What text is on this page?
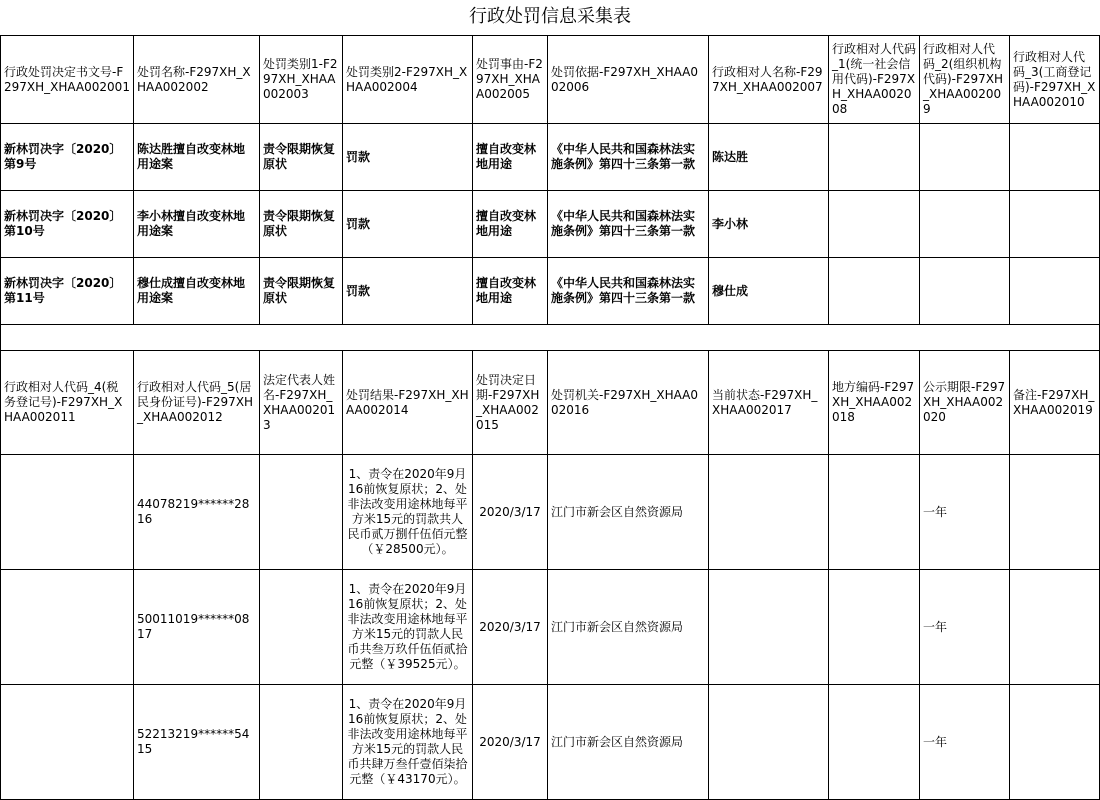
行政处罚信息采集表
行政处罚决定书文号-F297XH_XHAA002001	处罚名称-F297XH_XHAA002002	处罚类别1-F297XH_XHAA002003	处罚类别2-F297XH_XHAA002004	处罚事由-F297XH_XHAA002005	处罚依据-F297XH_XHAA002006	行政相对人名称-F297XH_XHAA002007	行政相对人代码_1(统一社会信用代码)-F297XH_XHAA002008	行政相对人代码_2(组织机构代码)-F297XH_XHAA002009	行政相对人代码_3(工商登记码)-F297XH_XHAA002010
新林罚决字〔2020〕第9号	陈达胜擅自改变林地用途案	责令限期恢复原状	罚款	擅自改变林地用途	《中华人民共和国森林法实施条例》第四十三条第一款	陈达胜			
新林罚决字〔2020〕第10号	李小林擅自改变林地用途案	责令限期恢复原状	罚款	擅自改变林地用途	《中华人民共和国森林法实施条例》第四十三条第一款	李小林			
新林罚决字〔2020〕第11号	穆仕成擅自改变林地用途案	责令限期恢复原状	罚款	擅自改变林地用途	《中华人民共和国森林法实施条例》第四十三条第一款	穆仕成			
行政相对人代码_4(税务登记号)-F297XH_XHAA002011	行政相对人代码_5(居民身份证号)-F297XH_XHAA002012	法定代表人姓名-F297XH_XHAA002013	处罚结果-F297XH_XHAA002014	处罚决定日期-F297XH_XHAA002015	处罚机关-F297XH_XHAA002016	当前状态-F297XH_XHAA002017	地方编码-F297XH_XHAA002018	公示期限-F297XH_XHAA002020	备注-F297XH_XHAA002019
	44078219******2816		1、责令在2020年9月16前恢复原状；2、处非法改变用途林地每平方米15元的罚款共人民币贰万捌仟伍佰元整（￥28500元）。	2020/3/17	江门市新会区自然资源局			一年	
	50011019******0817		1、责令在2020年9月16前恢复原状；2、处非法改变用途林地每平方米15元的罚款人民币共叁万玖仟伍佰贰拾元整（￥39525元）。	2020/3/17	江门市新会区自然资源局			一年	
	52213219******5415		1、责令在2020年9月16前恢复原状；2、处非法改变用途林地每平方米15元的罚款人民币共肆万叁仟壹佰柒拾元整（￥43170元）。	2020/3/17	江门市新会区自然资源局			一年	
